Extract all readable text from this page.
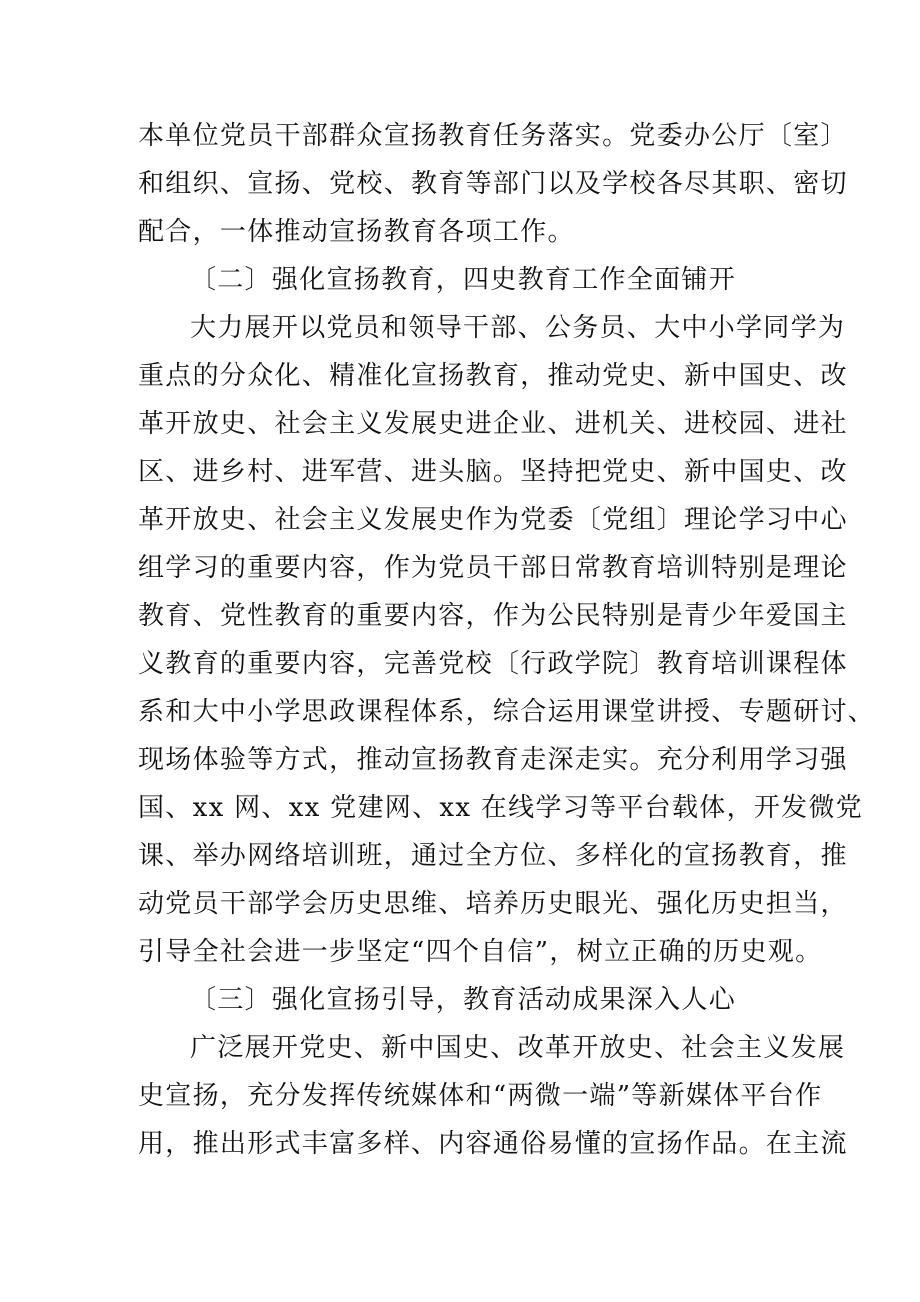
本单位党员干部群众宣扬教育任务落实。党委办公厅〔室〕
和组织、宣扬、党校、教育等部门以及学校各尽其职、密切
配合，一体推动宣扬教育各项工作。
〔二〕强化宣扬教育，四史教育工作全面铺开
大力展开以党员和领导干部、公务员、大中小学同学为
重点的分众化、精准化宣扬教育，推动党史、新中国史、改
革开放史、社会主义发展史进企业、进机关、进校园、进社
区、进乡村、进军营、进头脑。坚持把党史、新中国史、改
革开放史、社会主义发展史作为党委〔党组〕理论学习中心
组学习的重要内容，作为党员干部日常教育培训特别是理论
教育、党性教育的重要内容，作为公民特别是青少年爱国主
义教育的重要内容，完善党校〔行政学院〕教育培训课程体
系和大中小学思政课程体系，综合运用课堂讲授、专题研讨、
现场体验等方式，推动宣扬教育走深走实。充分利用学习强
国、xx 网、xx 党建网、xx 在线学习等平台载体，开发微党
课、举办网络培训班，通过全方位、多样化的宣扬教育，推
动党员干部学会历史思维、培养历史眼光、强化历史担当，
引导全社会进一步坚定“四个自信”，树立正确的历史观。
〔三〕强化宣扬引导，教育活动成果深入人心
广泛展开党史、新中国史、改革开放史、社会主义发展
史宣扬，充分发挥传统媒体和“两微一端”等新媒体平台作
用，推出形式丰富多样、内容通俗易懂的宣扬作品。在主流
